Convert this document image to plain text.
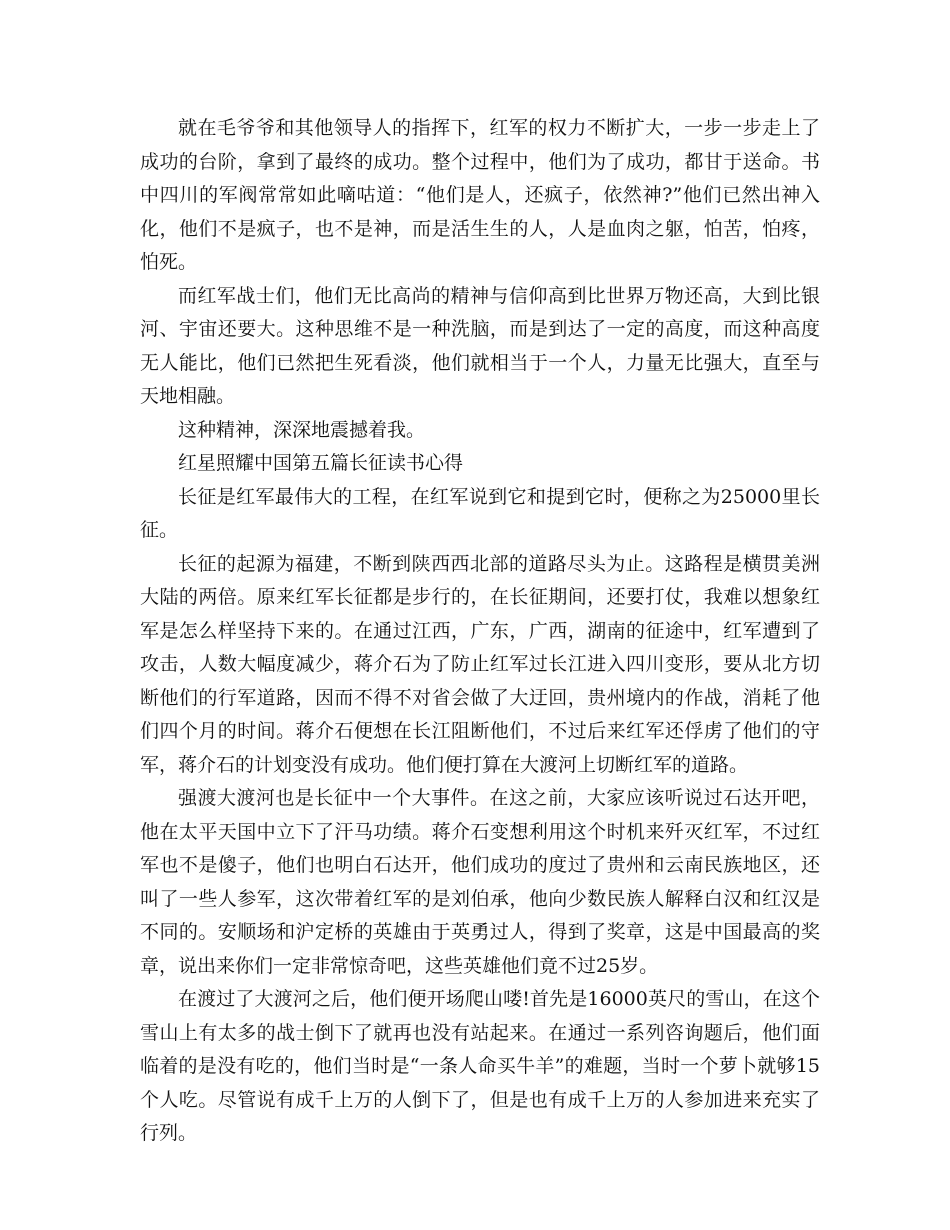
就在毛爷爷和其他领导人的指挥下，红军的权力不断扩大，一步一步走上了成功的台阶，拿到了最终的成功。整个过程中，他们为了成功，都甘于送命。书中四川的军阀常常如此嘀咕道：“他们是人，还疯子，依然神?”他们已然出神入化，他们不是疯子，也不是神，而是活生生的人，人是血肉之躯，怕苦，怕疼，怕死。

而红军战士们，他们无比高尚的精神与信仰高到比世界万物还高，大到比银河、宇宙还要大。这种思维不是一种洗脑，而是到达了一定的高度，而这种高度无人能比，他们已然把生死看淡，他们就相当于一个人，力量无比强大，直至与天地相融。

这种精神，深深地震撼着我。

红星照耀中国第五篇长征读书心得

长征是红军最伟大的工程，在红军说到它和提到它时，便称之为25000里长征。

长征的起源为福建，不断到陕西西北部的道路尽头为止。这路程是横贯美洲大陆的两倍。原来红军长征都是步行的，在长征期间，还要打仗，我难以想象红军是怎么样坚持下来的。在通过江西，广东，广西，湖南的征途中，红军遭到了攻击，人数大幅度减少，蒋介石为了防止红军过长江进入四川变形，要从北方切断他们的行军道路，因而不得不对省会做了大迂回，贵州境内的作战，消耗了他们四个月的时间。蒋介石便想在长江阻断他们，不过后来红军还俘虏了他们的守军，蒋介石的计划变没有成功。他们便打算在大渡河上切断红军的道路。

强渡大渡河也是长征中一个大事件。在这之前，大家应该听说过石达开吧，他在太平天国中立下了汗马功绩。蒋介石变想利用这个时机来歼灭红军，不过红军也不是傻子，他们也明白石达开，他们成功的度过了贵州和云南民族地区，还叫了一些人参军，这次带着红军的是刘伯承，他向少数民族人解释白汉和红汉是不同的。安顺场和沪定桥的英雄由于英勇过人，得到了奖章，这是中国最高的奖章，说出来你们一定非常惊奇吧，这些英雄他们竟不过25岁。

在渡过了大渡河之后，他们便开场爬山喽!首先是16000英尺的雪山，在这个雪山上有太多的战士倒下了就再也没有站起来。在通过一系列咨询题后，他们面临着的是没有吃的，他们当时是“一条人命买牛羊”的难题，当时一个萝卜就够15个人吃。尽管说有成千上万的人倒下了，但是也有成千上万的人参加进来充实了行列。
